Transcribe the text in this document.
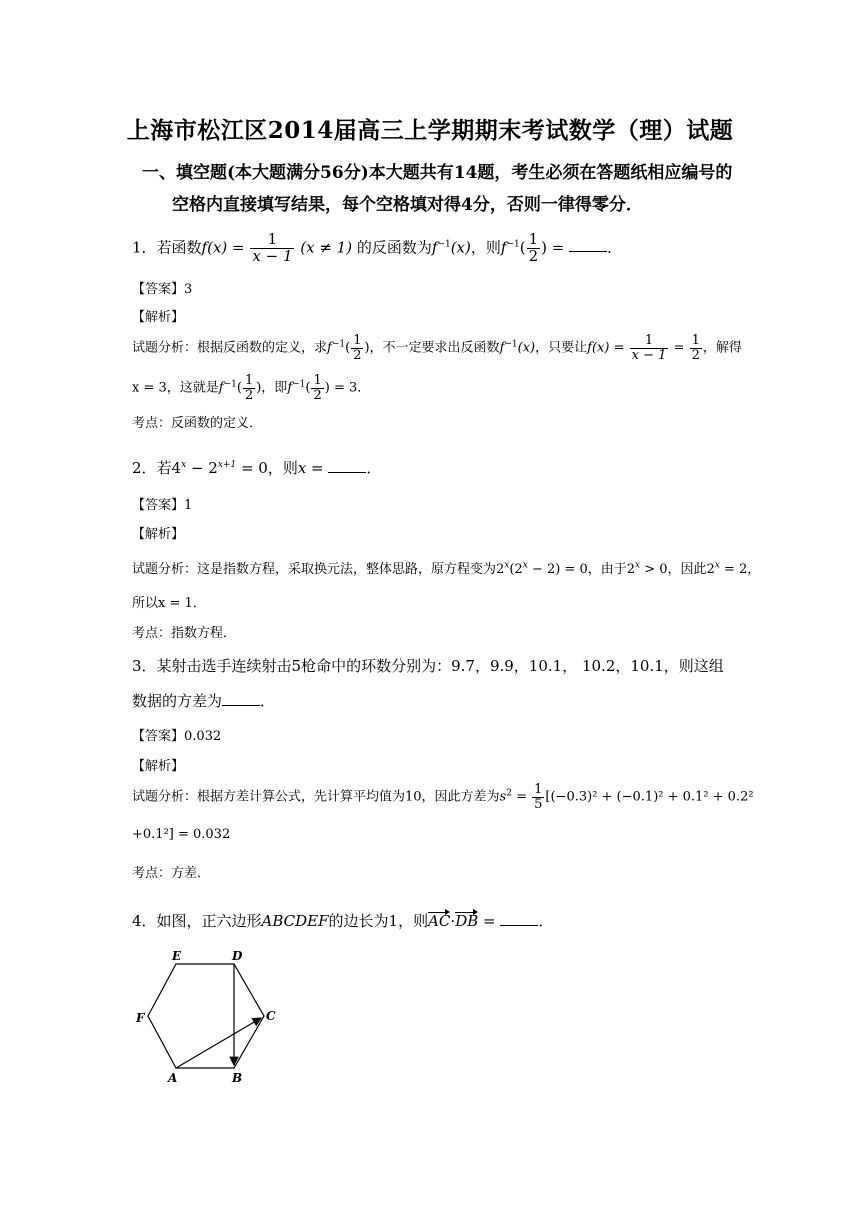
上海市松江区2014届高三上学期期末考试数学（理）试题
一、填空题(本大题满分56分)本大题共有14题，考生必须在答题纸相应编号的
空格内直接填写结果，每个空格填对得4分，否则一律得零分．
1．若函数$f(x) = \frac{1}{x - 1} (x \ne 1)$ 的反函数为$f^{-1}(x)$，则$f^{-1}( \frac{1}{2}$ ) =	．
【答案】3
【解析】
试题分析：根据反函数的定义，求$f^{-1}( \frac{1}{2}$ )，不一定要求出反函数$f^{-1}(x)$，只要让$f(x) = \frac{1}{x - 1} = \frac{1}{2}$ ，解得
x = 3，这就是$f^{-1}( \frac{1}{2}$ )，即$f^{-1}( \frac{1}{2}$ ) = 3．
考点：反函数的定义．
2．若$4^x - 2^{x+1} = 0$，则x =	．
【答案】1
【解析】
试题分析：这是指数方程，采取换元法，整体思路，原方程变为$2^x(2^x - 2) = 0$，由于$2^x > 0$，因此$2^x = 2$，
所以x = 1．
考点：指数方程．
3．某射击选手连续射击5枪命中的环数分别为：9.7，9.9，10.1， 10.2，10.1，则这组
数据的方差为	．
【答案】0.032
【解析】
试题分析：根据方差计算公式，先计算平均值为10，因此方差为$s^2 = \frac{1}{5} [(-0.3)^2 + (-0.1)^2 + 0.1^2 + 0.2^2$
+0.1²] = 0.032
考点：方差．
4．如图，正六边形ABCDEF的边长为1，则AC·DB =	．
A	B
C
D
E
F
